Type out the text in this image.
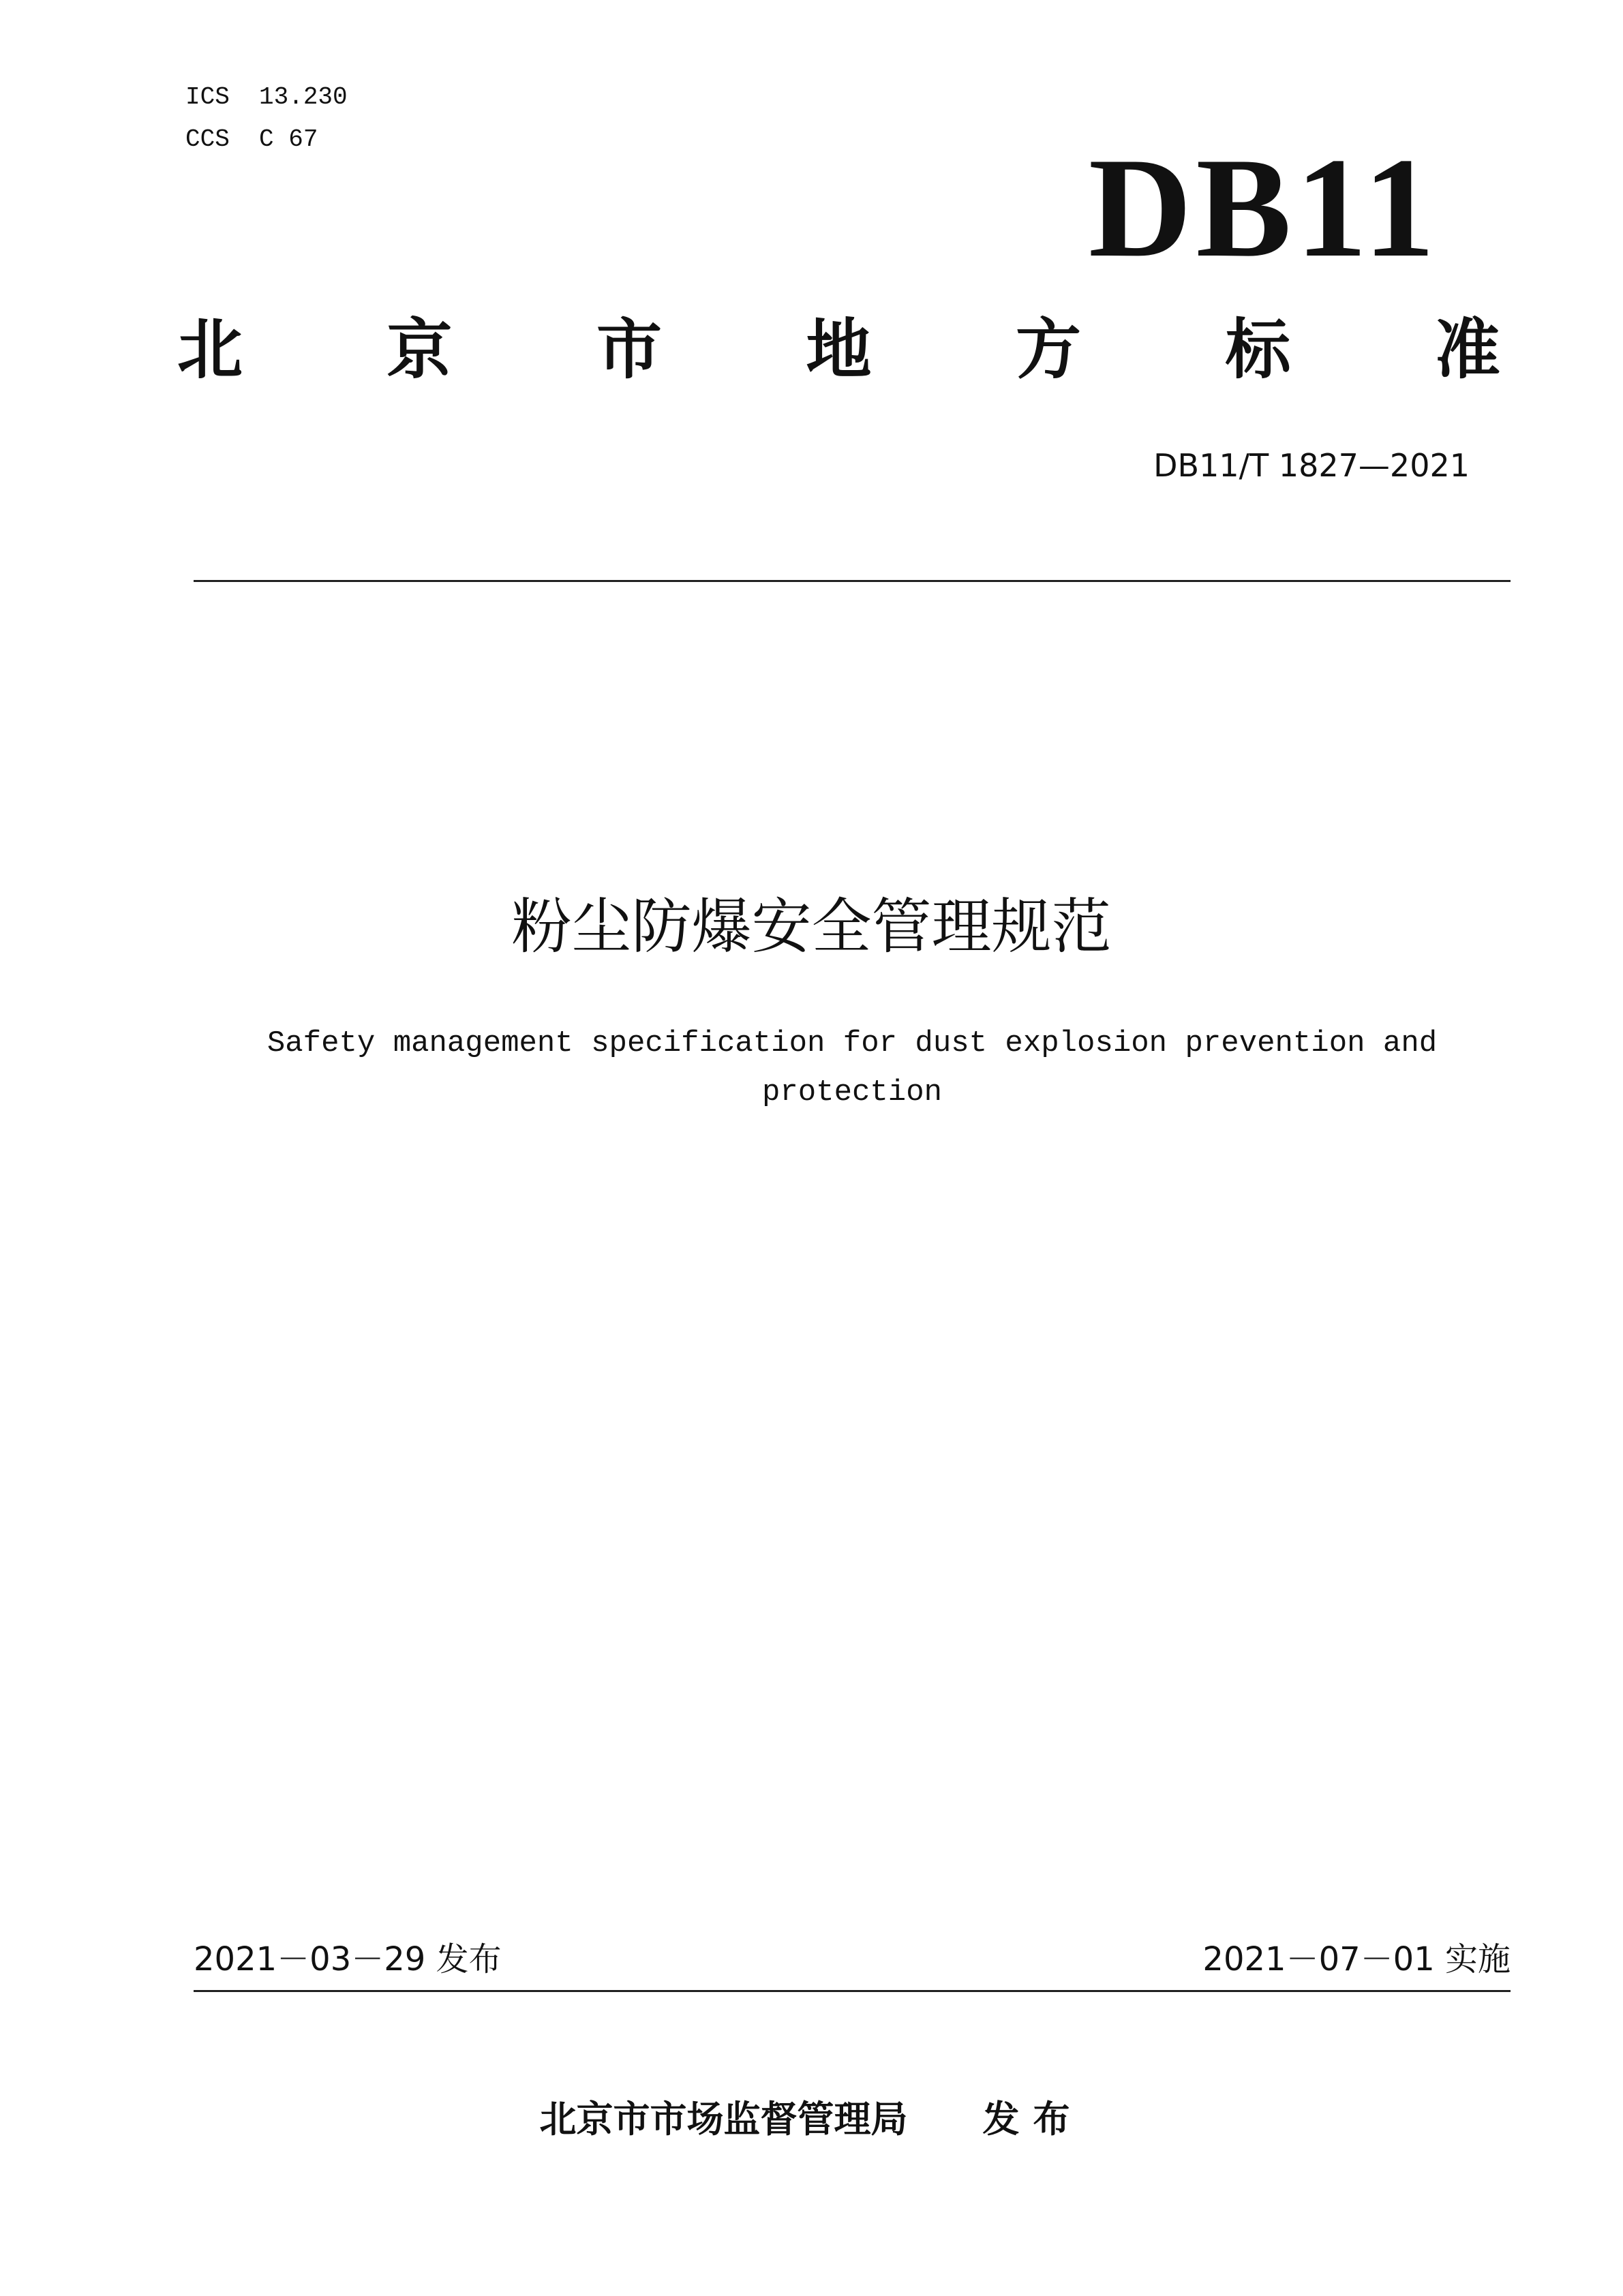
ICS  13.230
CCS  C 67	DB11
北 京 市 地 方 标 准
DB11/T 1827—2021
粉尘防爆安全管理规范
Safety management specification for dust explosion prevention and protection
2021－03－29 发布	2021－07－01 实施
北京市市场监督管理局 发布
